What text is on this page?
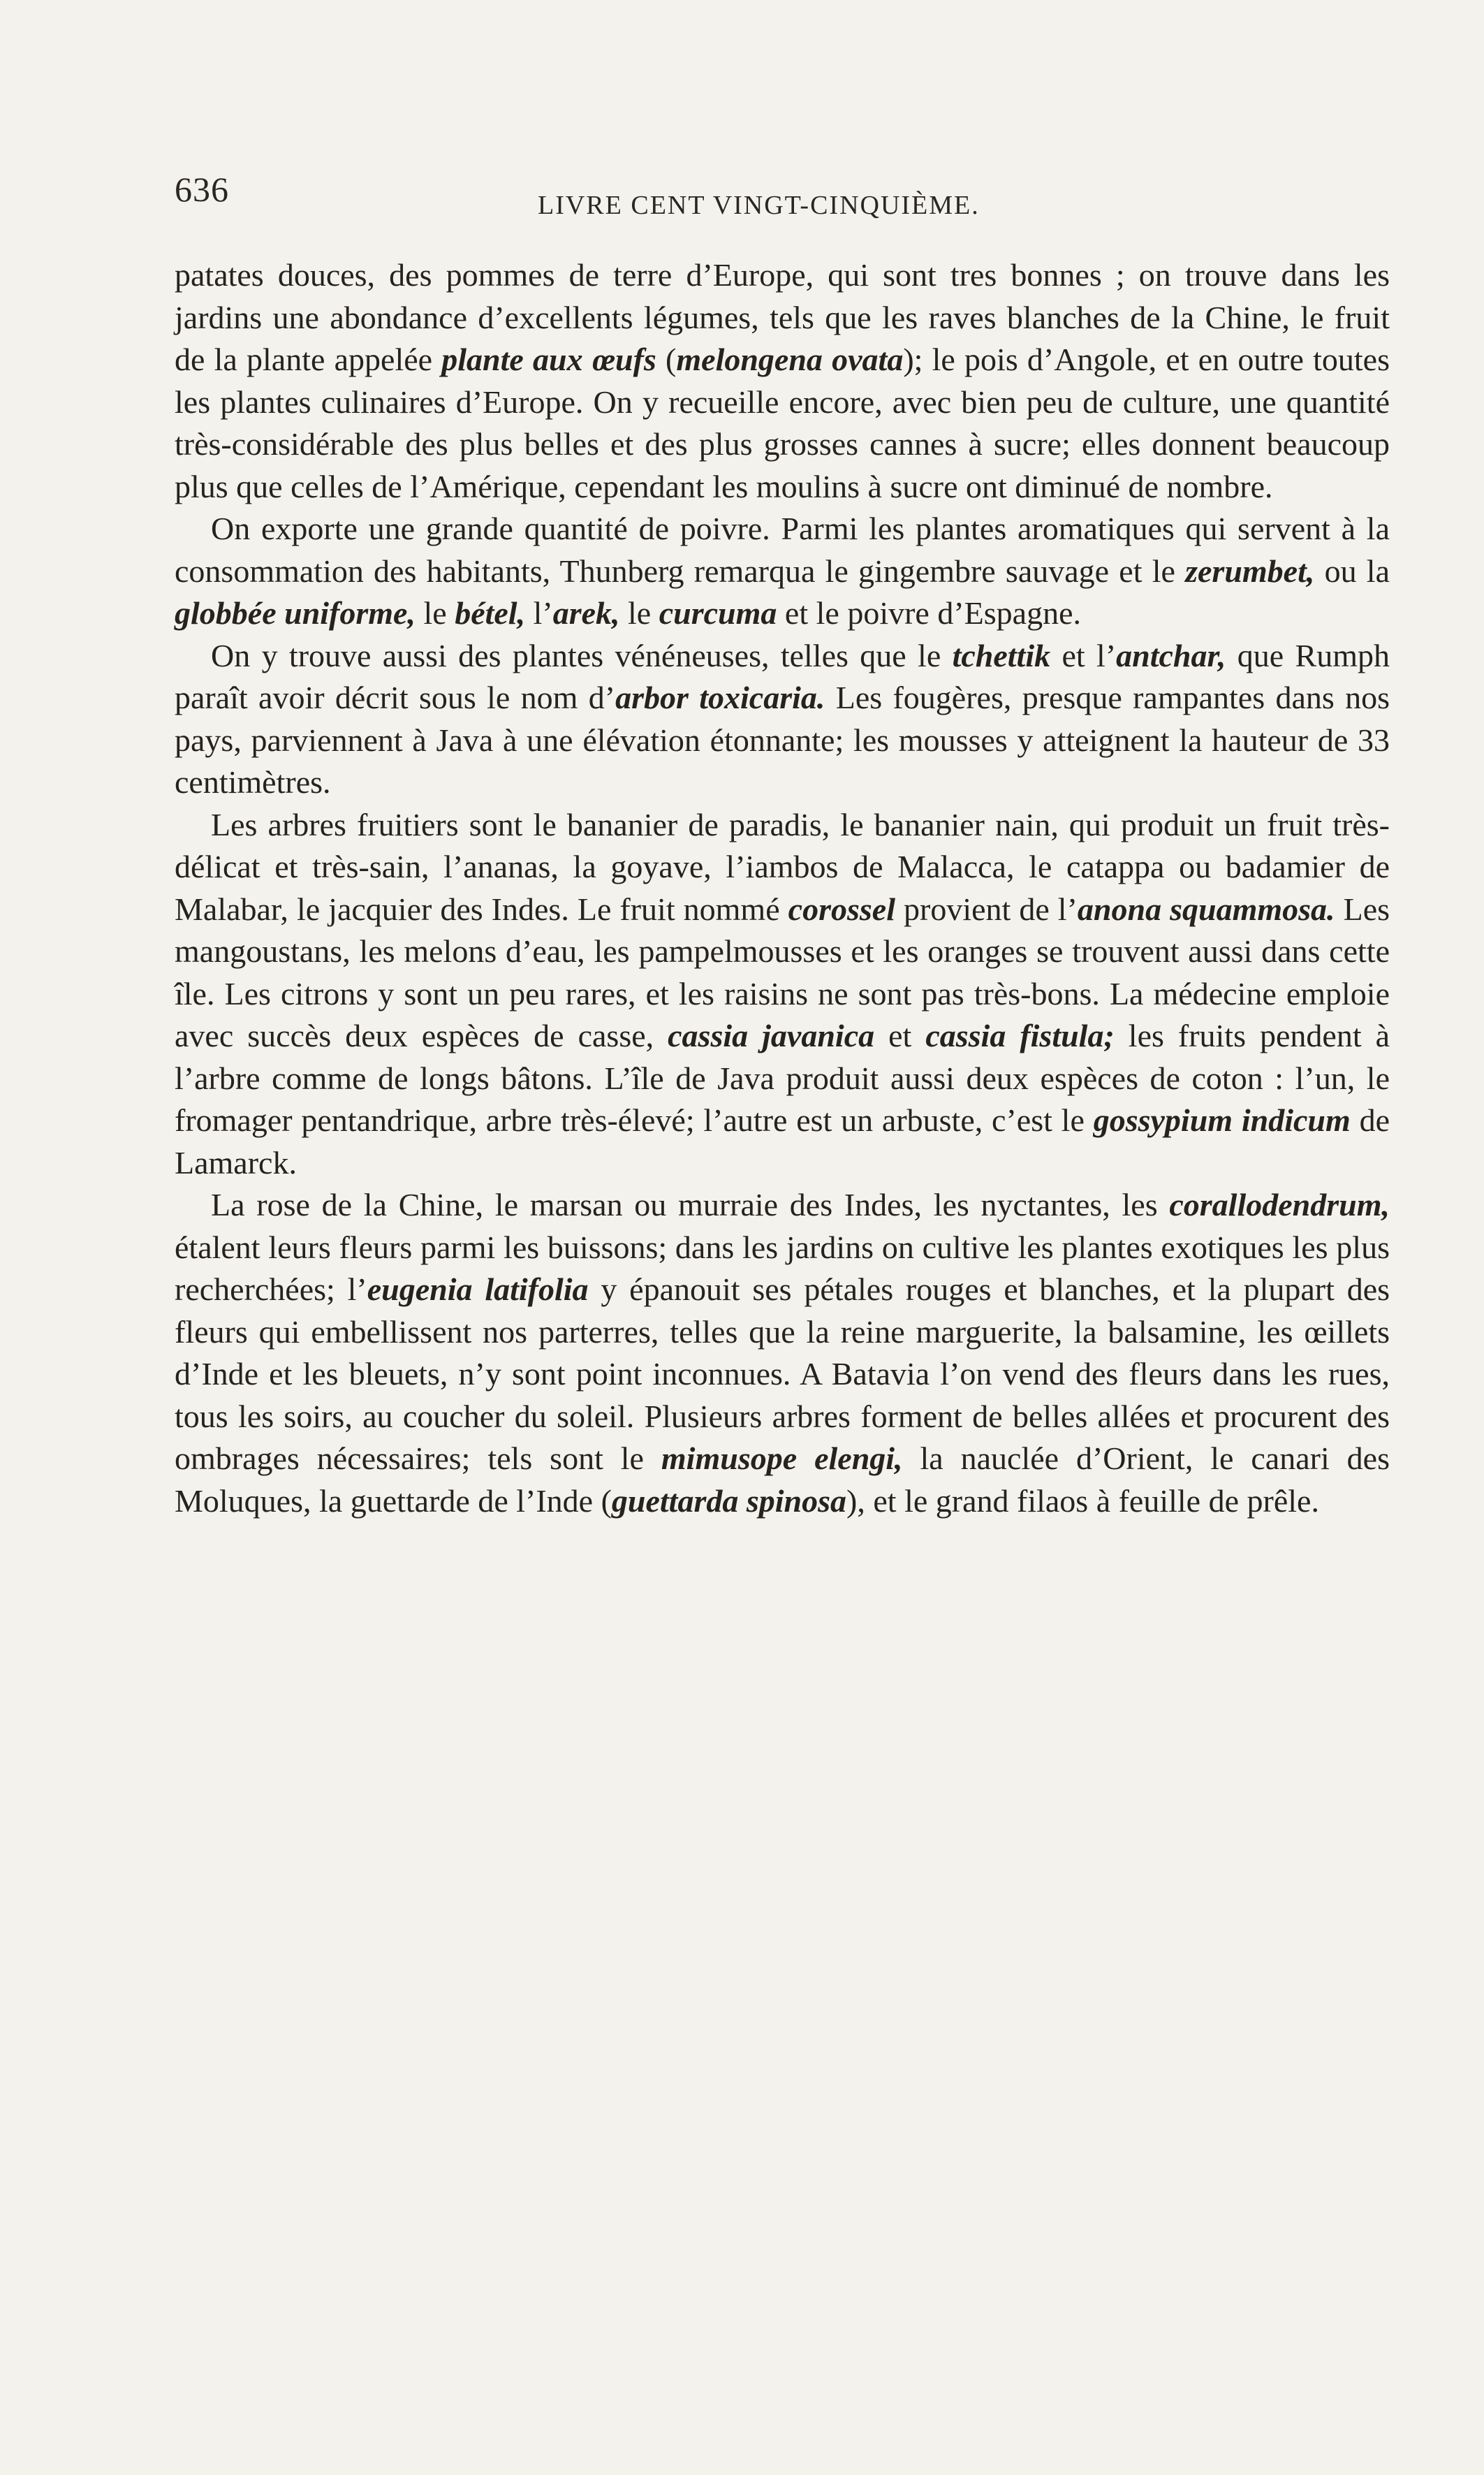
636	LIVRE CENT VINGT-CINQUIÈME.

patates douces, des pommes de terre d’Europe, qui sont tres bonnes ; on trouve dans les jardins une abondance d’excellents légumes, tels que les raves blanches de la Chine, le fruit de la plante appelée plante aux œufs (melongena ovata); le pois d’Angole, et en outre toutes les plantes culinaires d’Europe. On y recueille encore, avec bien peu de culture, une quantité très-considérable des plus belles et des plus grosses cannes à sucre; elles donnent beaucoup plus que celles de l’Amérique, cependant les moulins à sucre ont diminué de nombre.

On exporte une grande quantité de poivre. Parmi les plantes aromatiques qui servent à la consommation des habitants, Thunberg remarqua le gingembre sauvage et le zerumbet, ou la globbée uniforme, le bétel, l’arek, le curcuma et le poivre d’Espagne.

On y trouve aussi des plantes vénéneuses, telles que le tchettik et l’antchar, que Rumph paraît avoir décrit sous le nom d’arbor toxicaria. Les fougères, presque rampantes dans nos pays, parviennent à Java à une élévation étonnante; les mousses y atteignent la hauteur de 33 centimètres.

Les arbres fruitiers sont le bananier de paradis, le bananier nain, qui produit un fruit très-délicat et très-sain, l’ananas, la goyave, l’iambos de Malacca, le catappa ou badamier de Malabar, le jacquier des Indes. Le fruit nommé corossel provient de l’anona squammosa. Les mangoustans, les melons d’eau, les pampelmousses et les oranges se trouvent aussi dans cette île. Les citrons y sont un peu rares, et les raisins ne sont pas très-bons. La médecine emploie avec succès deux espèces de casse, cassia javanica et cassia fistula; les fruits pendent à l’arbre comme de longs bâtons. L’île de Java produit aussi deux espèces de coton : l’un, le fromager pentandrique, arbre très-élevé; l’autre est un arbuste, c’est le gossypium indicum de Lamarck.

La rose de la Chine, le marsan ou murraie des Indes, les nyctantes, les corallodendrum, étalent leurs fleurs parmi les buissons; dans les jardins on cultive les plantes exotiques les plus recherchées; l’eugenia latifolia y épanouit ses pétales rouges et blanches, et la plupart des fleurs qui embellissent nos parterres, telles que la reine marguerite, la balsamine, les œillets d’Inde et les bleuets, n’y sont point inconnues. A Batavia l’on vend des fleurs dans les rues, tous les soirs, au coucher du soleil. Plusieurs arbres forment de belles allées et procurent des ombrages nécessaires; tels sont le mimusope elengi, la nauclée d’Orient, le canari des Moluques, la guettarde de l’Inde (guettarda spinosa), et le grand filaos à feuille de prêle.
